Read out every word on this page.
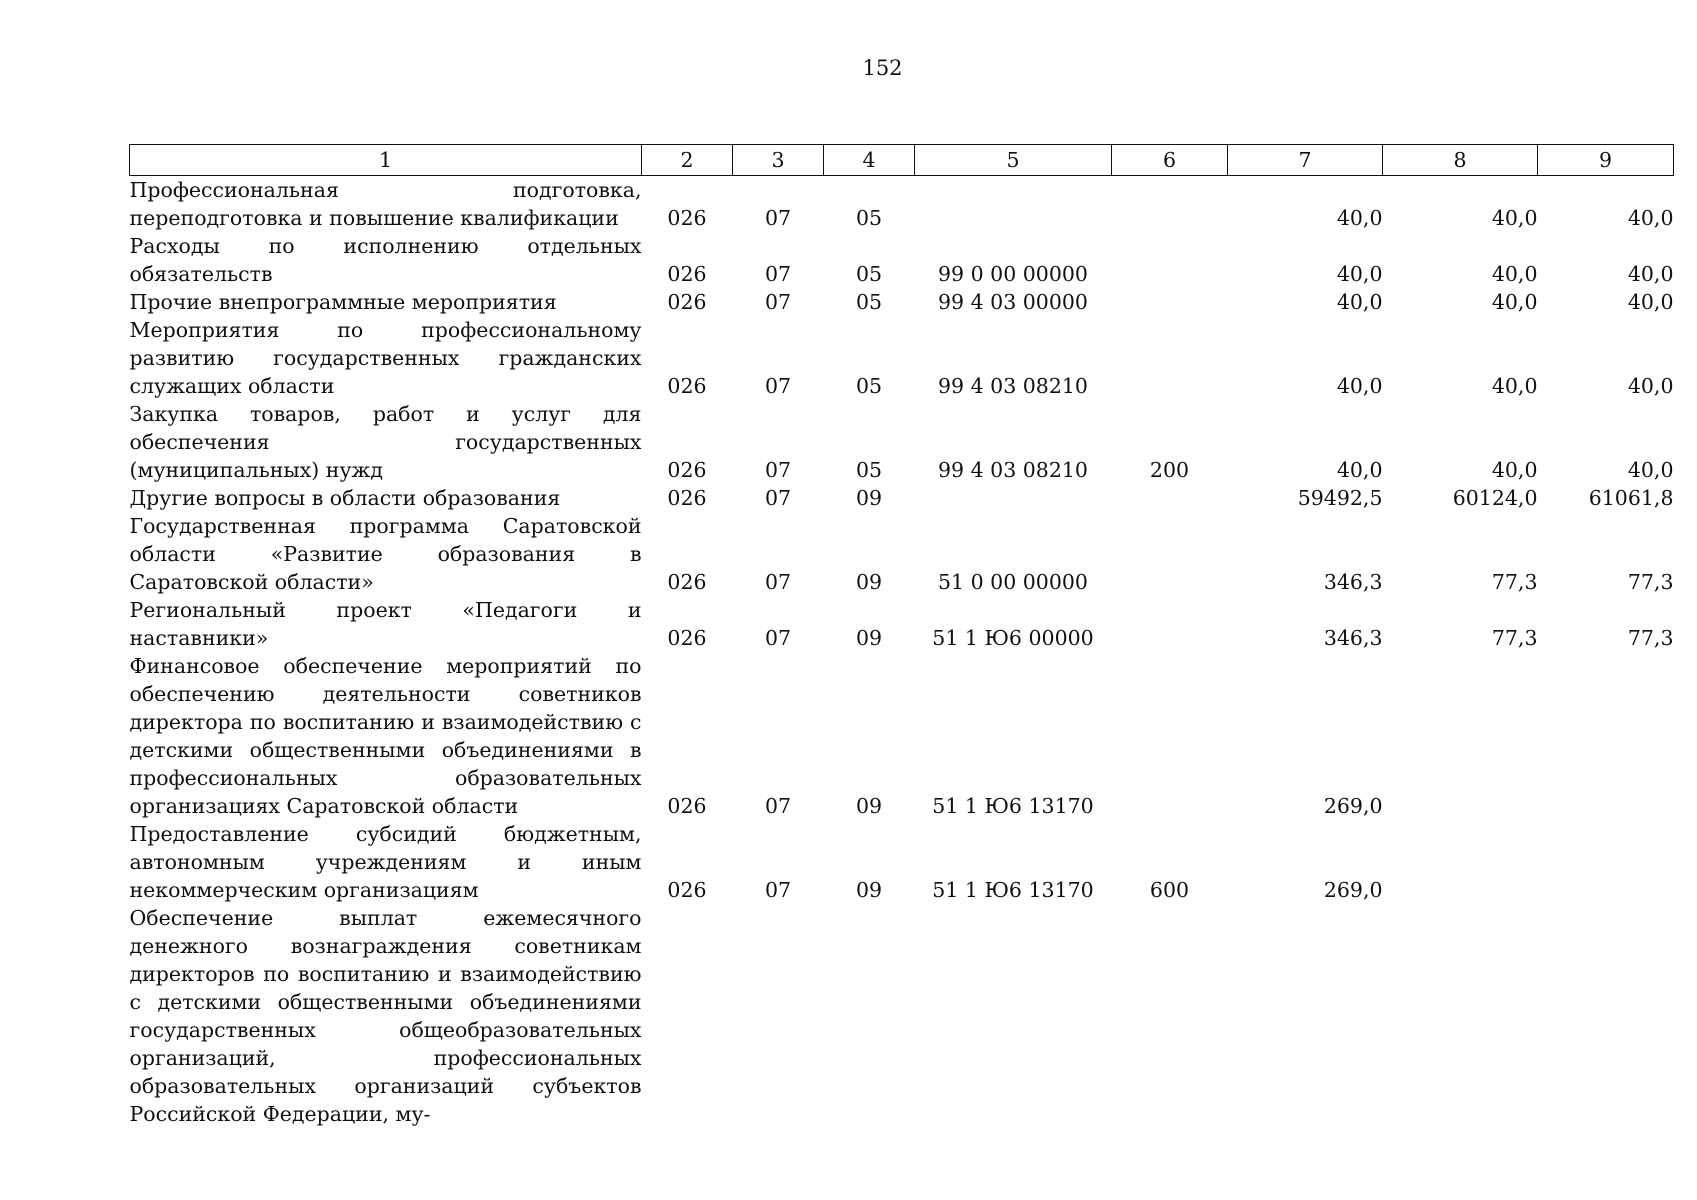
152
1	2	3	4	5	6	7	8	9
Профессиональная подготовка, переподготовка и повышение квалификации	026	07	05			40,0	40,0	40,0
Расходы по исполнению отдельных обязательств	026	07	05	99 0 00 00000		40,0	40,0	40,0
Прочие внепрограммные мероприятия	026	07	05	99 4 03 00000		40,0	40,0	40,0
Мероприятия по профессиональному развитию государственных гражданских служащих области	026	07	05	99 4 03 08210		40,0	40,0	40,0
Закупка товаров, работ и услуг для обеспечения государственных (муниципальных) нужд	026	07	05	99 4 03 08210	200	40,0	40,0	40,0
Другие вопросы в области образования	026	07	09			59492,5	60124,0	61061,8
Государственная программа Саратовской области «Развитие образования в Саратовской области»	026	07	09	51 0 00 00000		346,3	77,3	77,3
Региональный проект «Педагоги и наставники»	026	07	09	51 1 Ю6 00000		346,3	77,3	77,3
Финансовое обеспечение мероприятий по обеспечению деятельности советников директора по воспитанию и взаимодействию с детскими общественными объединениями в профессиональных образовательных организациях Саратовской области	026	07	09	51 1 Ю6 13170		269,0		
Предоставление субсидий бюджетным, автономным учреждениям и иным некоммерческим организациям	026	07	09	51 1 Ю6 13170	600	269,0		
Обеспечение выплат ежемесячного денежного вознаграждения советникам директоров по воспитанию и взаимодействию с детскими общественными объединениями государственных общеобразовательных организаций, профессиональных образовательных организаций субъектов Российской Федерации, му-								
